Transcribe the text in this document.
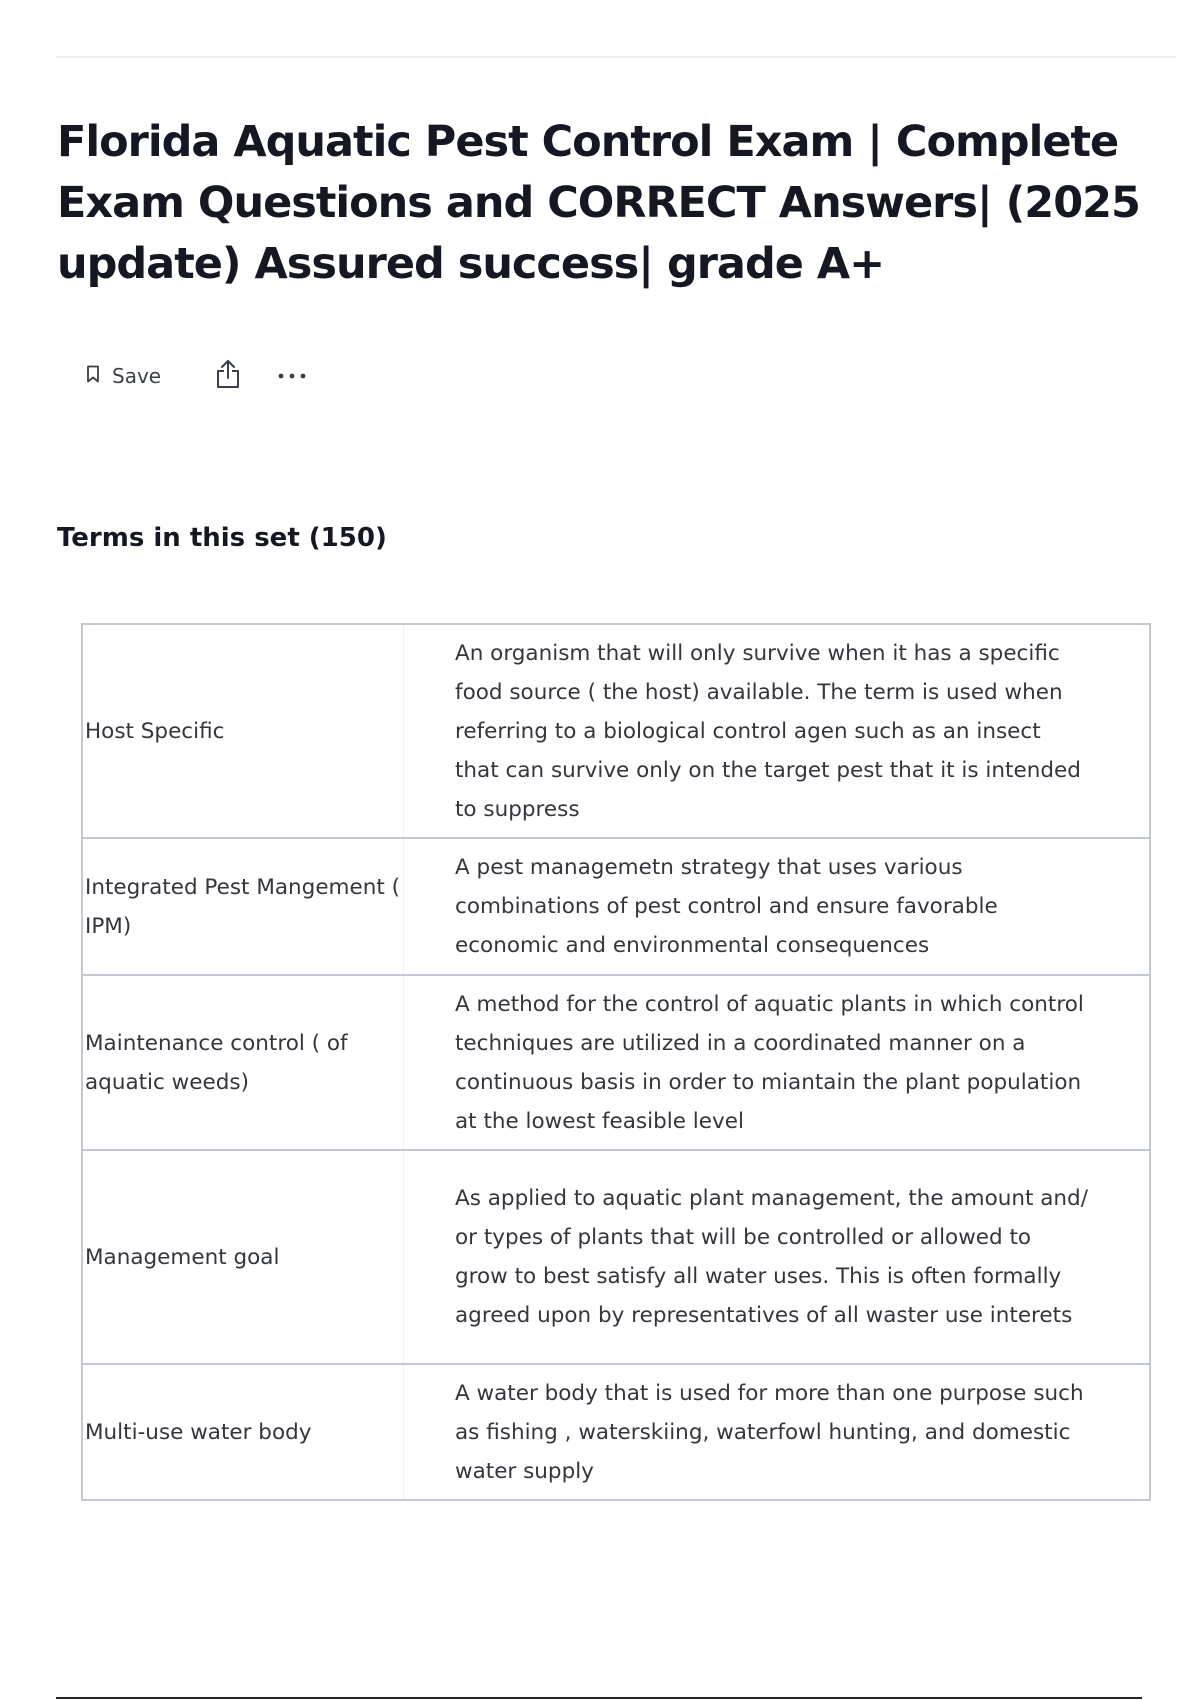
Florida Aquatic Pest Control Exam | Complete Exam Questions and CORRECT Answers| (2025 update) Assured success| grade A+
Save
Terms in this set (150)
Host Specific	An organism that will only survive when it has a specific food source ( the host) available. The term is used when referring to a biological control agen such as an insect that can survive only on the target pest that it is intended to suppress
Integrated Pest Mangement ( IPM)	A pest managemetn strategy that uses various combinations of pest control and ensure favorable economic and environmental consequences
Maintenance control ( of aquatic weeds)	A method for the control of aquatic plants in which control techniques are utilized in a coordinated manner on a continuous basis in order to miantain the plant population at the lowest feasible level
Management goal	As applied to aquatic plant management, the amount and/ or types of plants that will be controlled or allowed to grow to best satisfy all water uses. This is often formally agreed upon by representatives of all waster use interets
Multi-use water body	A water body that is used for more than one purpose such as fishing , waterskiing, waterfowl hunting, and domestic water supply
